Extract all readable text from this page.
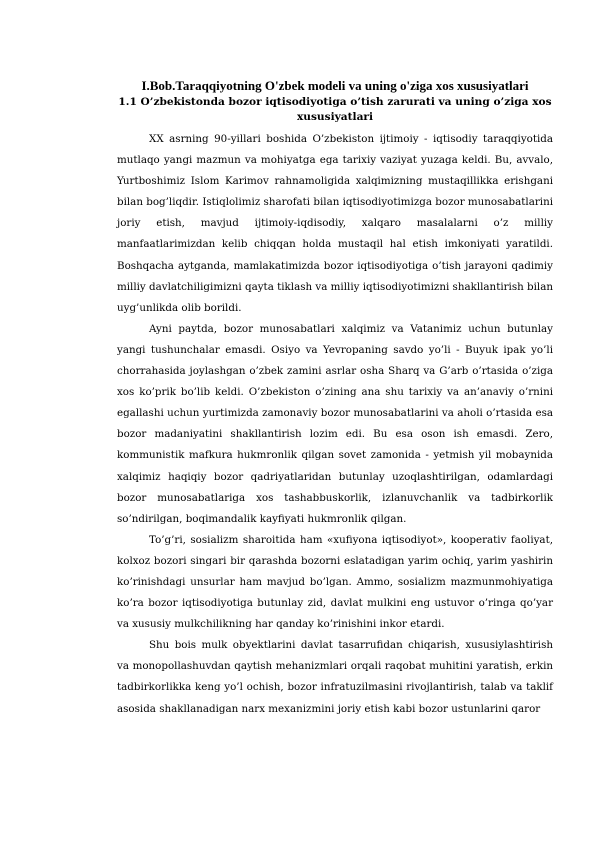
I.Bob.Taraqqiyotning O'zbek modeli va uning o'ziga xos xususiyatlari
1.1 O’zbekistonda bozor iqtisodiyotiga o’tish zarurati va uning o’ziga xos xususiyatlari

XX asrning 90-yillari boshida O’zbekiston ijtimoiy - iqtisodiy taraqqiyotida mutlaqo yangi mazmun va mohiyatga ega tarixiy vaziyat yuzaga keldi. Bu, avvalo, Yurtboshimiz Islom Karimov rahnamoligida xalqimizning mustaqillikka erishgani bilan bog’liqdir. Istiqlolimiz sharofati bilan iqtisodiyotimizga bozor munosabatlarini joriy etish, mavjud ijtimoiy-iqdisodiy, xalqaro masalalarni o’z milliy manfaatlarimizdan kelib chiqqan holda mustaqil hal etish imkoniyati yaratildi. Boshqacha aytganda, mamlakatimizda bozor iqtisodiyotiga o’tish jarayoni qadimiy milliy davlatchiligimizni qayta tiklash va milliy iqtisodiyotimizni shakllantirish bilan uyg’unlikda olib borildi.

Ayni paytda, bozor munosabatlari xalqimiz va Vatanimiz uchun butunlay yangi tushunchalar emasdi. Osiyo va Yevropaning savdo yo’li - Buyuk ipak yo’li chorrahasida joylashgan o’zbek zamini asrlar osha Sharq va G’arb o’rtasida o’ziga xos ko’prik bo’lib keldi. O’zbekiston o’zining ana shu tarixiy va an’anaviy o’rnini egallashi uchun yurtimizda zamonaviy bozor munosabatlarini va aholi o’rtasida esa bozor madaniyatini shakllantirish lozim edi. Bu esa oson ish emasdi. Zero, kommunistik mafkura hukmronlik qilgan sovet zamonida - yetmish yil mobaynida xalqimiz haqiqiy bozor qadriyatlaridan butunlay uzoqlashtirilgan, odamlardagi bozor munosabatlariga xos tashabbuskorlik, izlanuvchanlik va tadbirkorlik so’ndirilgan, boqimandalik kayfiyati hukmronlik qilgan.

To’g’ri, sosializm sharoitida ham «xufiyona iqtisodiyot», kooperativ faoliyat, kolxoz bozori singari bir qarashda bozorni eslatadigan yarim ochiq, yarim yashirin ko’rinishdagi unsurlar ham mavjud bo’lgan. Ammo, sosializm mazmunmohiyatiga ko’ra bozor iqtisodiyotiga butunlay zid, davlat mulkini eng ustuvor o’ringa qo’yar va xususiy mulkchilikning har qanday ko’rinishini inkor etardi.

Shu bois mulk obyektlarini davlat tasarrufidan chiqarish, xususiylashtirish va monopollashuvdan qaytish mehanizmlari orqali raqobat muhitini yaratish, erkin tadbirkorlikka keng yo’l ochish, bozor infratuzilmasini rivojlantirish, talab va taklif asosida shakllanadigan narx mexanizmini joriy etish kabi bozor ustunlarini qaror
